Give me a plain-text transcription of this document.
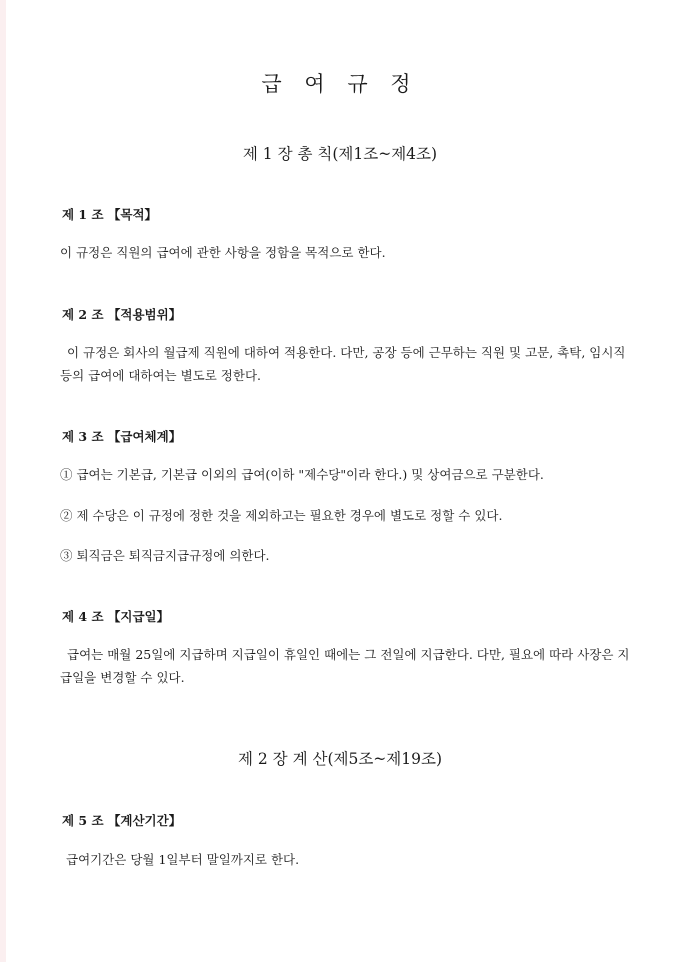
급 여 규 정
제 1 장 총 칙(제1조~제4조)
제 1 조 【목적】
이 규정은 직원의 급여에 관한 사항을 정함을 목적으로 한다.
제 2 조 【적용범위】
이 규정은 회사의 월급제 직원에 대하여 적용한다. 다만, 공장 등에 근무하는 직원 및 고문, 촉탁, 임시직 등의 급여에 대하여는 별도로 정한다.
제 3 조 【급여체계】
① 급여는 기본급, 기본급 이외의 급여(이하 "제수당"이라 한다.) 및 상여금으로 구분한다.
② 제 수당은 이 규정에 정한 것을 제외하고는 필요한 경우에 별도로 정할 수 있다.
③ 퇴직금은 퇴직금지급규정에 의한다.
제 4 조 【지급일】
급여는 매월 25일에 지급하며 지급일이 휴일인 때에는 그 전일에 지급한다. 다만, 필요에 따라 사장은 지급일을 변경할 수 있다.
제 2 장 계 산(제5조~제19조)
제 5 조 【계산기간】
급여기간은 당월 1일부터 말일까지로 한다.
